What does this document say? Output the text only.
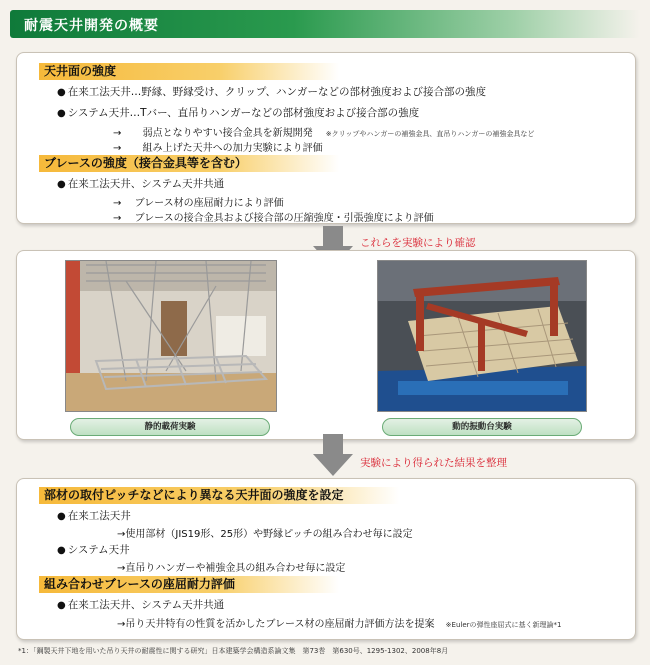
耐震天井開発の概要
天井面の強度
● 在来工法天井…野縁、野縁受け、クリップ、ハンガーなどの部材強度および接合部の強度
● システム天井…Tバー、直吊りハンガーなどの部材強度および接合部の強度
→ 弱点となりやすい接合金具を新規開発 ※クリップやハンガーの補強金具、直吊りハンガーの補強金具など
→ 組み上げた天井への加力実験により評価
ブレースの強度（接合金具等を含む）
● 在来工法天井、システム天井共通
→ ブレース材の座屈耐力により評価
→ ブレースの接合金具および接合部の圧縮強度・引張強度により評価
これらを実験により確認
静的載荷実験	動的振動台実験
実験により得られた結果を整理
部材の取付ピッチなどにより異なる天井面の強度を設定
● 在来工法天井
→使用部材（JIS19形、25形）や野縁ピッチの組み合わせ毎に設定
● システム天井
→直吊りハンガーや補強金具の組み合わせ毎に設定
組み合わせブレースの座屈耐力評価
● 在来工法天井、システム天井共通
→吊り天井特有の性質を活かしたブレース材の座屈耐力評価方法を提案 ※Eulerの弾性座屈式に基く新理論*1
*1：「鋼製天井下地を用いた吊り天井の耐震性に関する研究」日本建築学会構造系論文集　第73巻　第630号、1295-1302、2008年8月
